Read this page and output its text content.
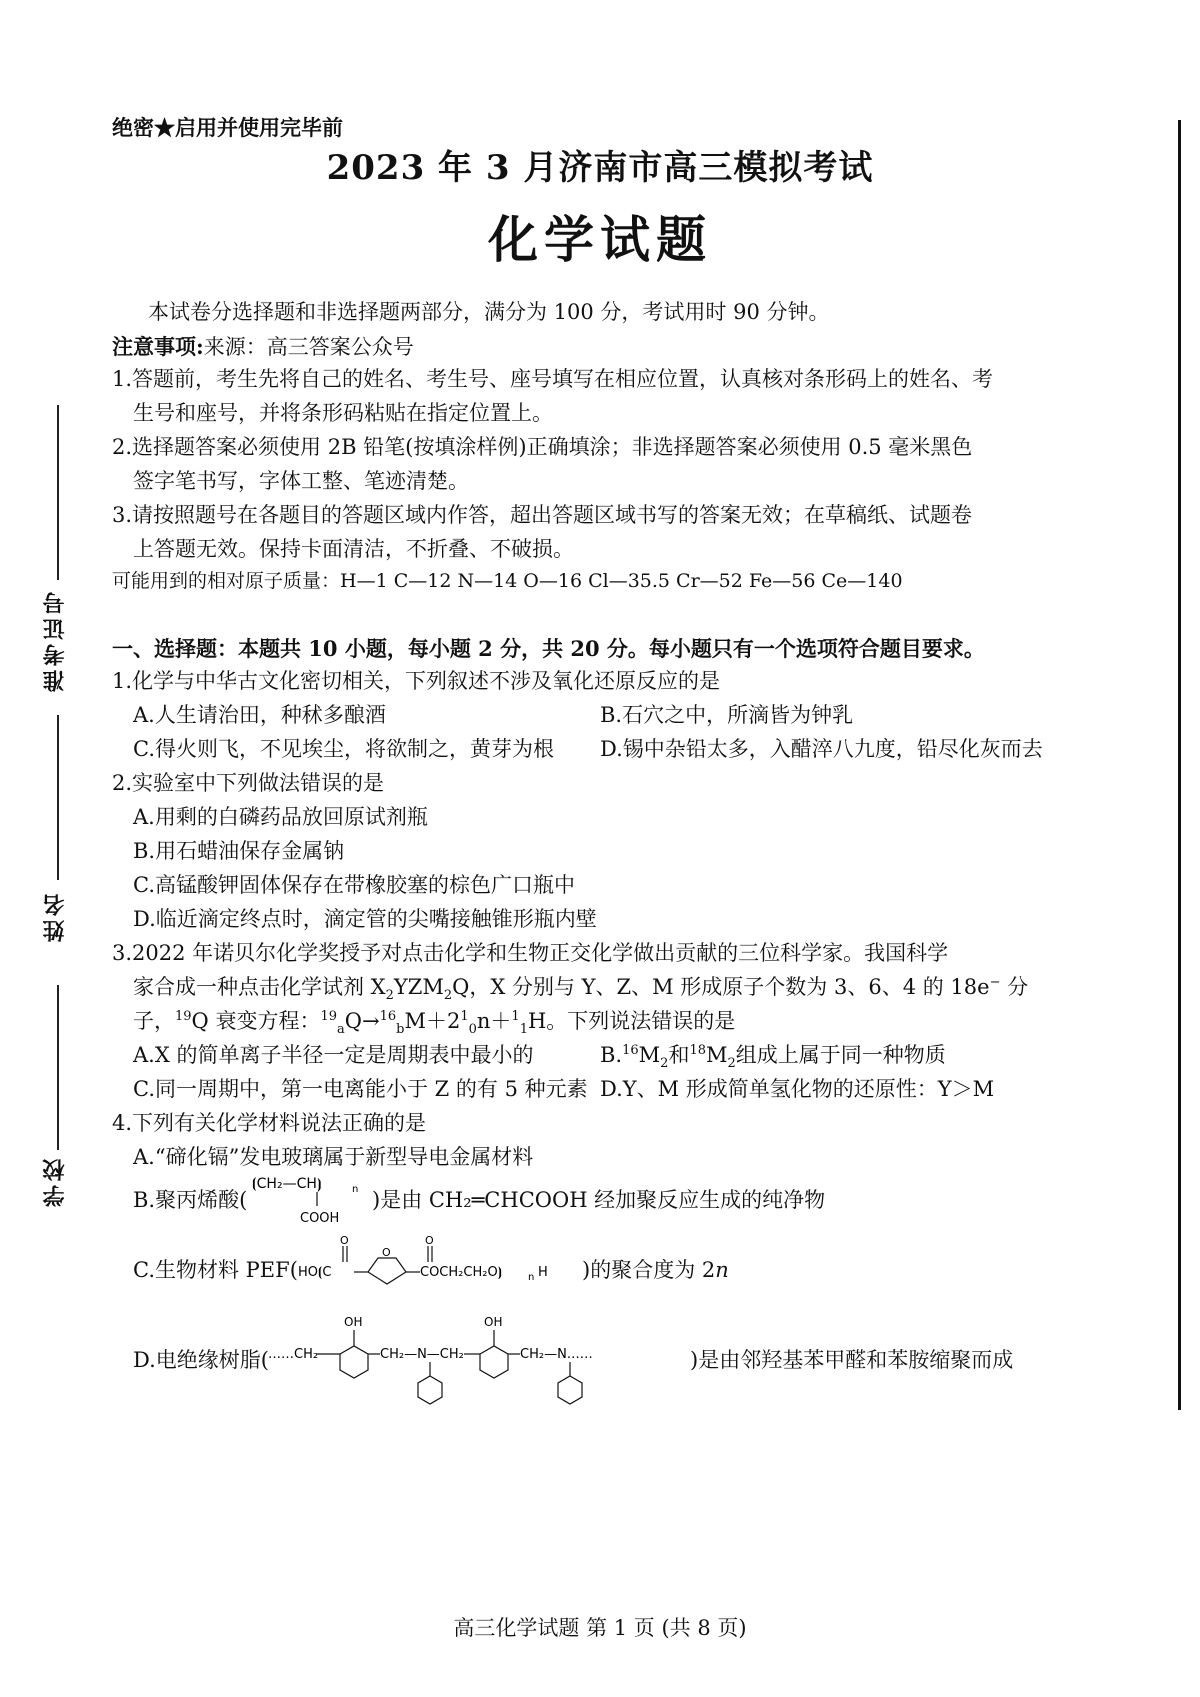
绝密★启用并使用完毕前
2023 年 3 月济南市高三模拟考试
化学试题
准考证号
姓名
学校
本试卷分选择题和非选择题两部分，满分为 100 分，考试用时 90 分钟。
注意事项:来源：高三答案公众号
1.答题前，考生先将自己的姓名、考生号、座号填写在相应位置，认真核对条形码上的姓名、考
生号和座号，并将条形码粘贴在指定位置上。
2.选择题答案必须使用 2B 铅笔(按填涂样例)正确填涂；非选择题答案必须使用 0.5 毫米黑色
签字笔书写，字体工整、笔迹清楚。
3.请按照题号在各题目的答题区域内作答，超出答题区域书写的答案无效；在草稿纸、试题卷
上答题无效。保持卡面清洁，不折叠、不破损。
可能用到的相对原子质量：H—1 C—12 N—14 O—16 Cl—35.5 Cr—52 Fe—56 Ce—140
一、选择题：本题共 10 小题，每小题 2 分，共 20 分。每小题只有一个选项符合题目要求。
1.化学与中华古文化密切相关，下列叙述不涉及氧化还原反应的是
A.人生请治田，种秫多酿酒	B.石穴之中，所滴皆为钟乳
C.得火则飞，不见埃尘，将欲制之，黄芽为根 D.锡中杂铅太多，入醋淬八九度，铅尽化灰而去
2.实验室中下列做法错误的是
A.用剩的白磷药品放回原试剂瓶
B.用石蜡油保存金属钠
C.高锰酸钾固体保存在带橡胶塞的棕色广口瓶中
D.临近滴定终点时，滴定管的尖嘴接触锥形瓶内壁
3.2022 年诺贝尔化学奖授予对点击化学和生物正交化学做出贡献的三位科学家。我国科学
家合成一种点击化学试剂 $X_2YZM_2Q$，X 分别与 Y、Z、M 形成原子个数为 3、6、4 的 18e− 分
子，$^{19}$Q 衰变方程：$^{19}_aQ\to^{16}_bM+2^1_0n+^1_1H$。下列说法错误的是
A.X 的简单离子半径一定是周期表中最小的	$B.^{16}M_2$和$^{18}M_2$组成上属于同一种物质
C.同一周期中，第一电离能小于 Z 的有 5 种元素 D.Y、M 形成简单氢化物的还原性：Y＞M
4.下列有关化学材料说法正确的是
A.“碲化镉”发电玻璃属于新型导电金属材料
B.聚丙烯酸(
⦗CH₂—CH⦘	n
COOH
)是由 CH₂═CHCOOH 经加聚反应生成的纯净物
C.生物材料 PEF( HO⦗C
O
O
O
COCH₂CH₂O⦘	n H )的聚合度为 2n
D.电绝缘树脂( ……CH₂
OH
CH₂—N—CH₂
OH
CH₂—N……	)是由邻羟基苯甲醛和苯胺缩聚而成
高三化学试题 第 1 页 (共 8 页)
